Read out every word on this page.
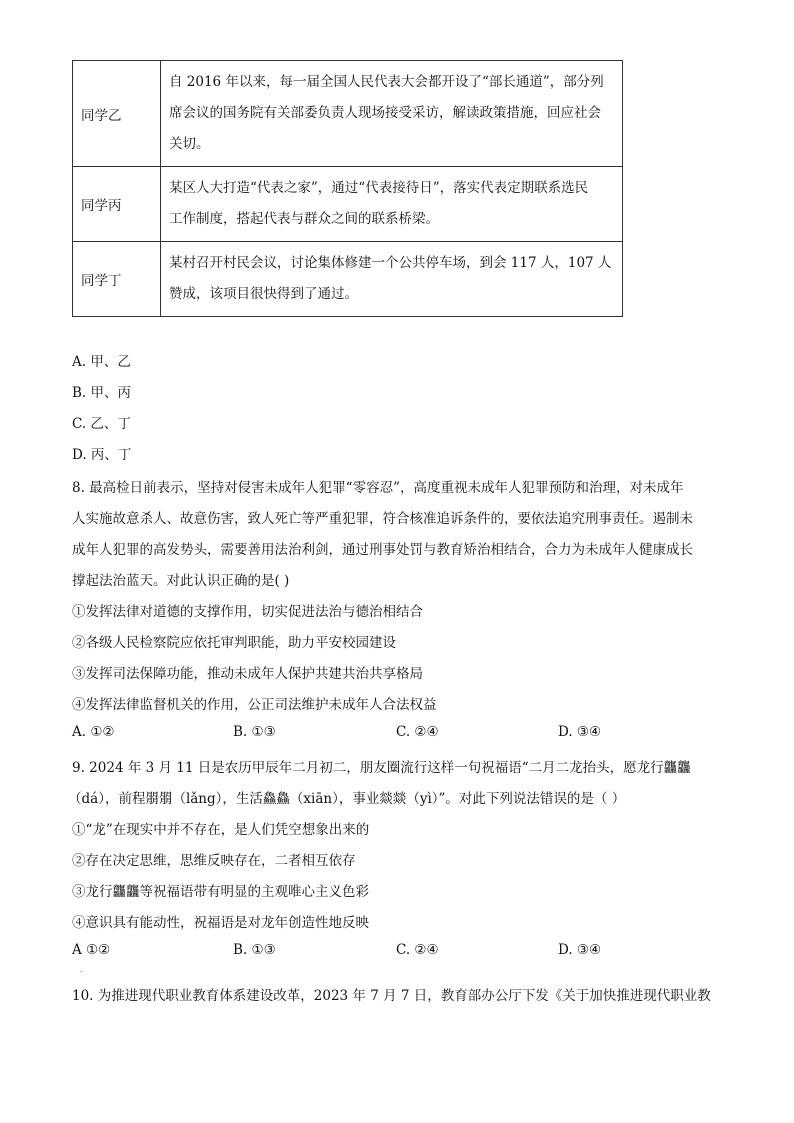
同学乙	自 2016 年以来，每一届全国人民代表大会都开设了“部长通道”，部分列
席会议的国务院有关部委负责人现场接受采访，解读政策措施，回应社会
关切。

同学丙	某区人大打造“代表之家”，通过“代表接待日”，落实代表定期联系选民
工作制度，搭起代表与群众之间的联系桥梁。

同学丁	某村召开村民会议，讨论集体修建一个公共停车场，到会 117 人，107 人
赞成，该项目很快得到了通过。
A. 甲、乙
B. 甲、丙
C. 乙、丁
D. 丙、丁
8. 最高检日前表示，坚持对侵害未成年人犯罪“零容忍”，高度重视未成年人犯罪预防和治理，对未成年
人实施故意杀人、故意伤害，致人死亡等严重犯罪，符合核准追诉条件的，要依法追究刑事责任。遏制未
成年人犯罪的高发势头，需要善用法治利剑，通过刑事处罚与教育矫治相结合，合力为未成年人健康成长
撑起法治蓝天。对此认识正确的是( )
①发挥法律对道德的支撑作用，切实促进法治与德治相结合
②各级人民检察院应依托审判职能，助力平安校园建设
③发挥司法保障功能，推动未成年人保护共建共治共享格局
④发挥法律监督机关的作用，公正司法维护未成年人合法权益
A. ①②	B. ①③	C. ②④	D. ③④
9. 2024 年 3 月 11 日是农历甲辰年二月初二，朋友圈流行这样一句祝福语“二月二龙抬头，愿龙行龘龘
（dá），前程朤朤（lǎng），生活鱻鱻（xiān），事业燚燚（yì）”。对此下列说法错误的是（ ）
①“龙”在现实中并不存在，是人们凭空想象出来的
②存在决定思维，思维反映存在，二者相互依存
③龙行龘龘等祝福语带有明显的主观唯心主义色彩
④意识具有能动性，祝福语是对龙年创造性地反映
A ①②	B. ①③	C. ②④	D. ③④
.
10. 为推进现代职业教育体系建设改革，2023 年 7 月 7 日，教育部办公厅下发《关于加快推进现代职业教
